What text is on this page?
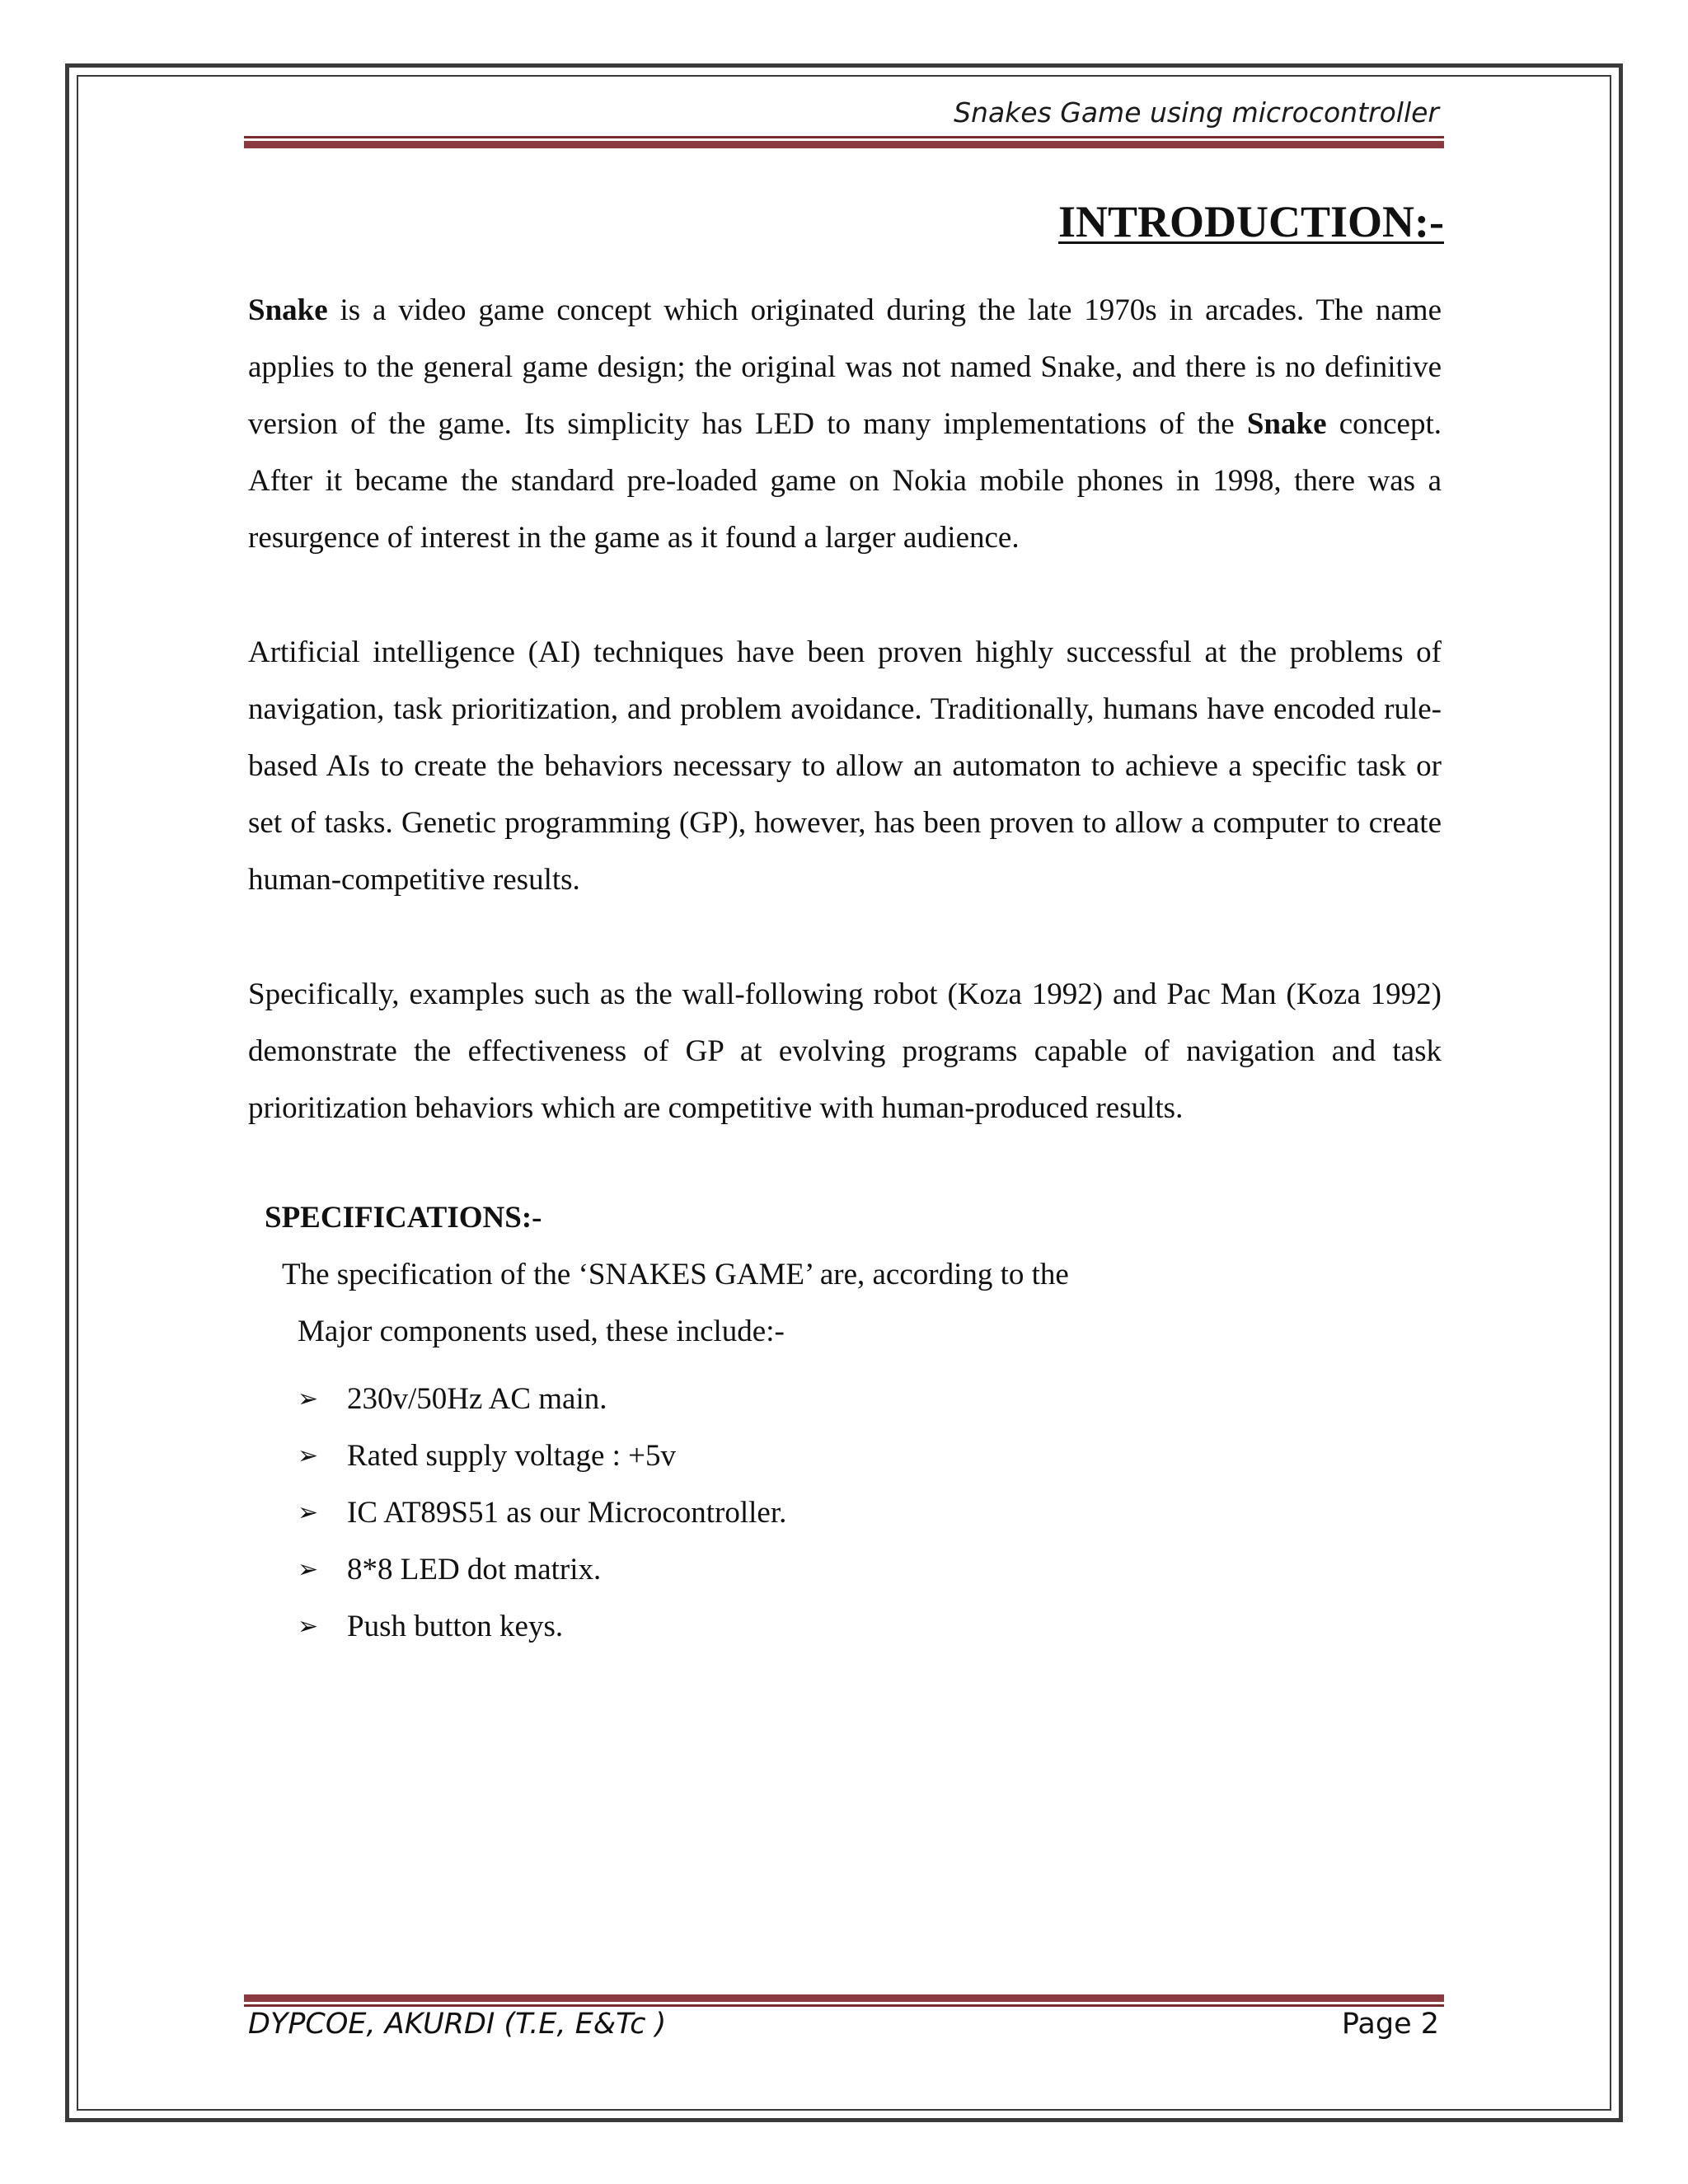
Snakes Game using microcontroller
INTRODUCTION:-
Snake is a video game concept which originated during the late 1970s in arcades. The name applies to the general game design; the original was not named Snake, and there is no definitive version of the game. Its simplicity has LED to many implementations of the Snake concept. After it became the standard pre-loaded game on Nokia mobile phones in 1998, there was a resurgence of interest in the game as it found a larger audience.
Artificial intelligence (AI) techniques have been proven highly successful at the problems of navigation, task prioritization, and problem avoidance. Traditionally, humans have encoded rule-based AIs to create the behaviors necessary to allow an automaton to achieve a specific task or set of tasks. Genetic programming (GP), however, has been proven to allow a computer to create human-competitive results.
Specifically, examples such as the wall-following robot (Koza 1992) and Pac Man (Koza 1992) demonstrate the effectiveness of GP at evolving programs capable of navigation and task prioritization behaviors which are competitive with human-produced results.
SPECIFICATIONS:-
The specification of the ‘SNAKES GAME’ are, according to the
Major components used, these include:-
➢ 230v/50Hz AC main.
➢ Rated supply voltage : +5v
➢ IC AT89S51 as our Microcontroller.
➢ 8*8 LED dot matrix.
➢ Push button keys.
DYPCOE, AKURDI (T.E, E&Tc )	Page 2
